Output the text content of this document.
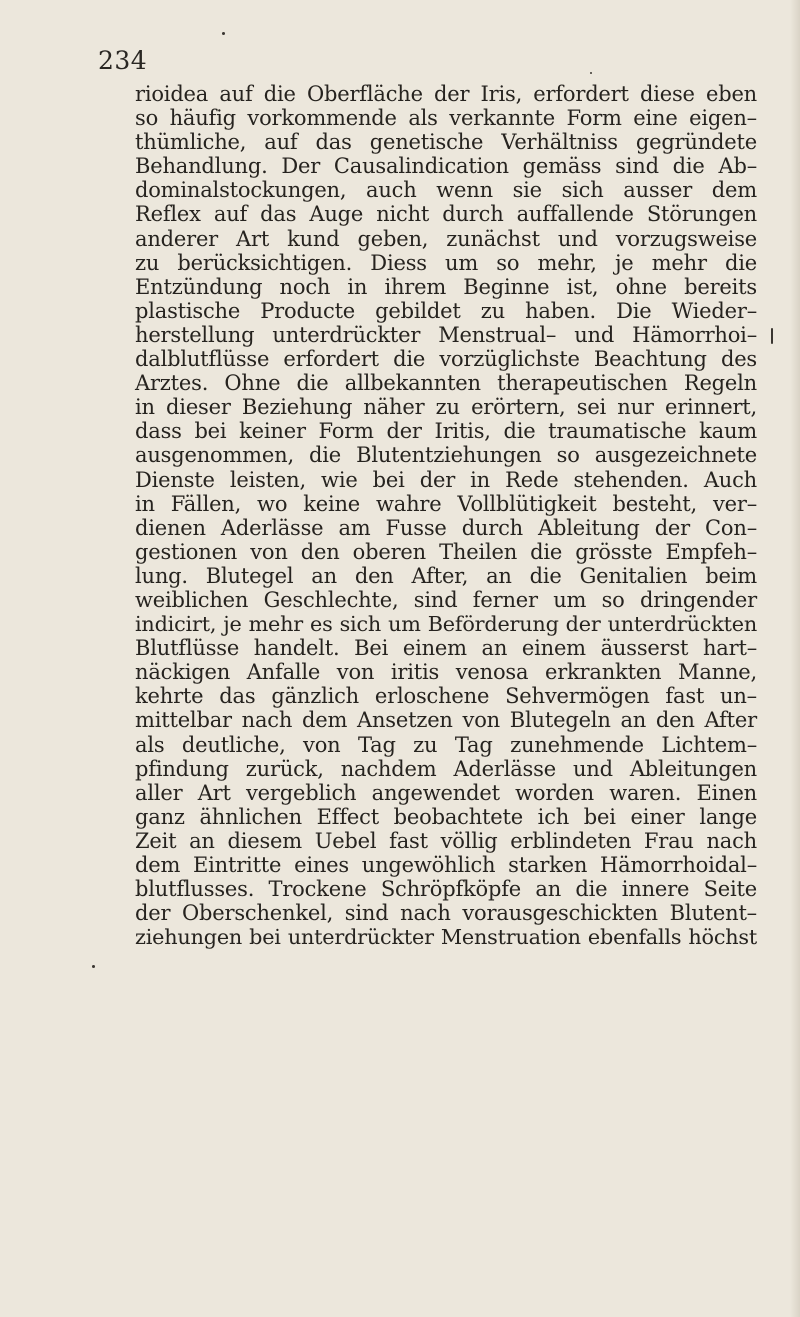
234
rioidea auf die Oberfläche der Iris, erfordert diese eben
so häufig vorkommende als verkannte Form eine eigen–
thümliche, auf das genetische Verhältniss gegründete
Behandlung. Der Causalindication gemäss sind die Ab–
dominalstockungen, auch wenn sie sich ausser dem
Reflex auf das Auge nicht durch auffallende Störungen
anderer Art kund geben, zunächst und vorzugsweise
zu berücksichtigen. Diess um so mehr, je mehr die
Entzündung noch in ihrem Beginne ist, ohne bereits
plastische Producte gebildet zu haben. Die Wieder–
herstellung unterdrückter Menstrual– und Hämorrhoi–
dalblutflüsse erfordert die vorzüglichste Beachtung des
Arztes. Ohne die allbekannten therapeutischen Regeln
in dieser Beziehung näher zu erörtern, sei nur erinnert,
dass bei keiner Form der Iritis, die traumatische kaum
ausgenommen, die Blutentziehungen so ausgezeichnete
Dienste leisten, wie bei der in Rede stehenden. Auch
in Fällen, wo keine wahre Vollblütigkeit besteht, ver–
dienen Aderlässe am Fusse durch Ableitung der Con–
gestionen von den oberen Theilen die grösste Empfeh–
lung. Blutegel an den After, an die Genitalien beim
weiblichen Geschlechte, sind ferner um so dringender
indicirt, je mehr es sich um Beförderung der unterdrückten
Blutflüsse handelt. Bei einem an einem äusserst hart–
näckigen Anfalle von iritis venosa erkrankten Manne,
kehrte das gänzlich erloschene Sehvermögen fast un–
mittelbar nach dem Ansetzen von Blutegeln an den After
als deutliche, von Tag zu Tag zunehmende Lichtem–
pfindung zurück, nachdem Aderlässe und Ableitungen
aller Art vergeblich angewendet worden waren. Einen
ganz ähnlichen Effect beobachtete ich bei einer lange
Zeit an diesem Uebel fast völlig erblindeten Frau nach
dem Eintritte eines ungewöhlich starken Hämorrhoidal–
blutflusses. Trockene Schröpfköpfe an die innere Seite
der Oberschenkel, sind nach vorausgeschickten Blutent–
ziehungen bei unterdrückter Menstruation ebenfalls höchst
